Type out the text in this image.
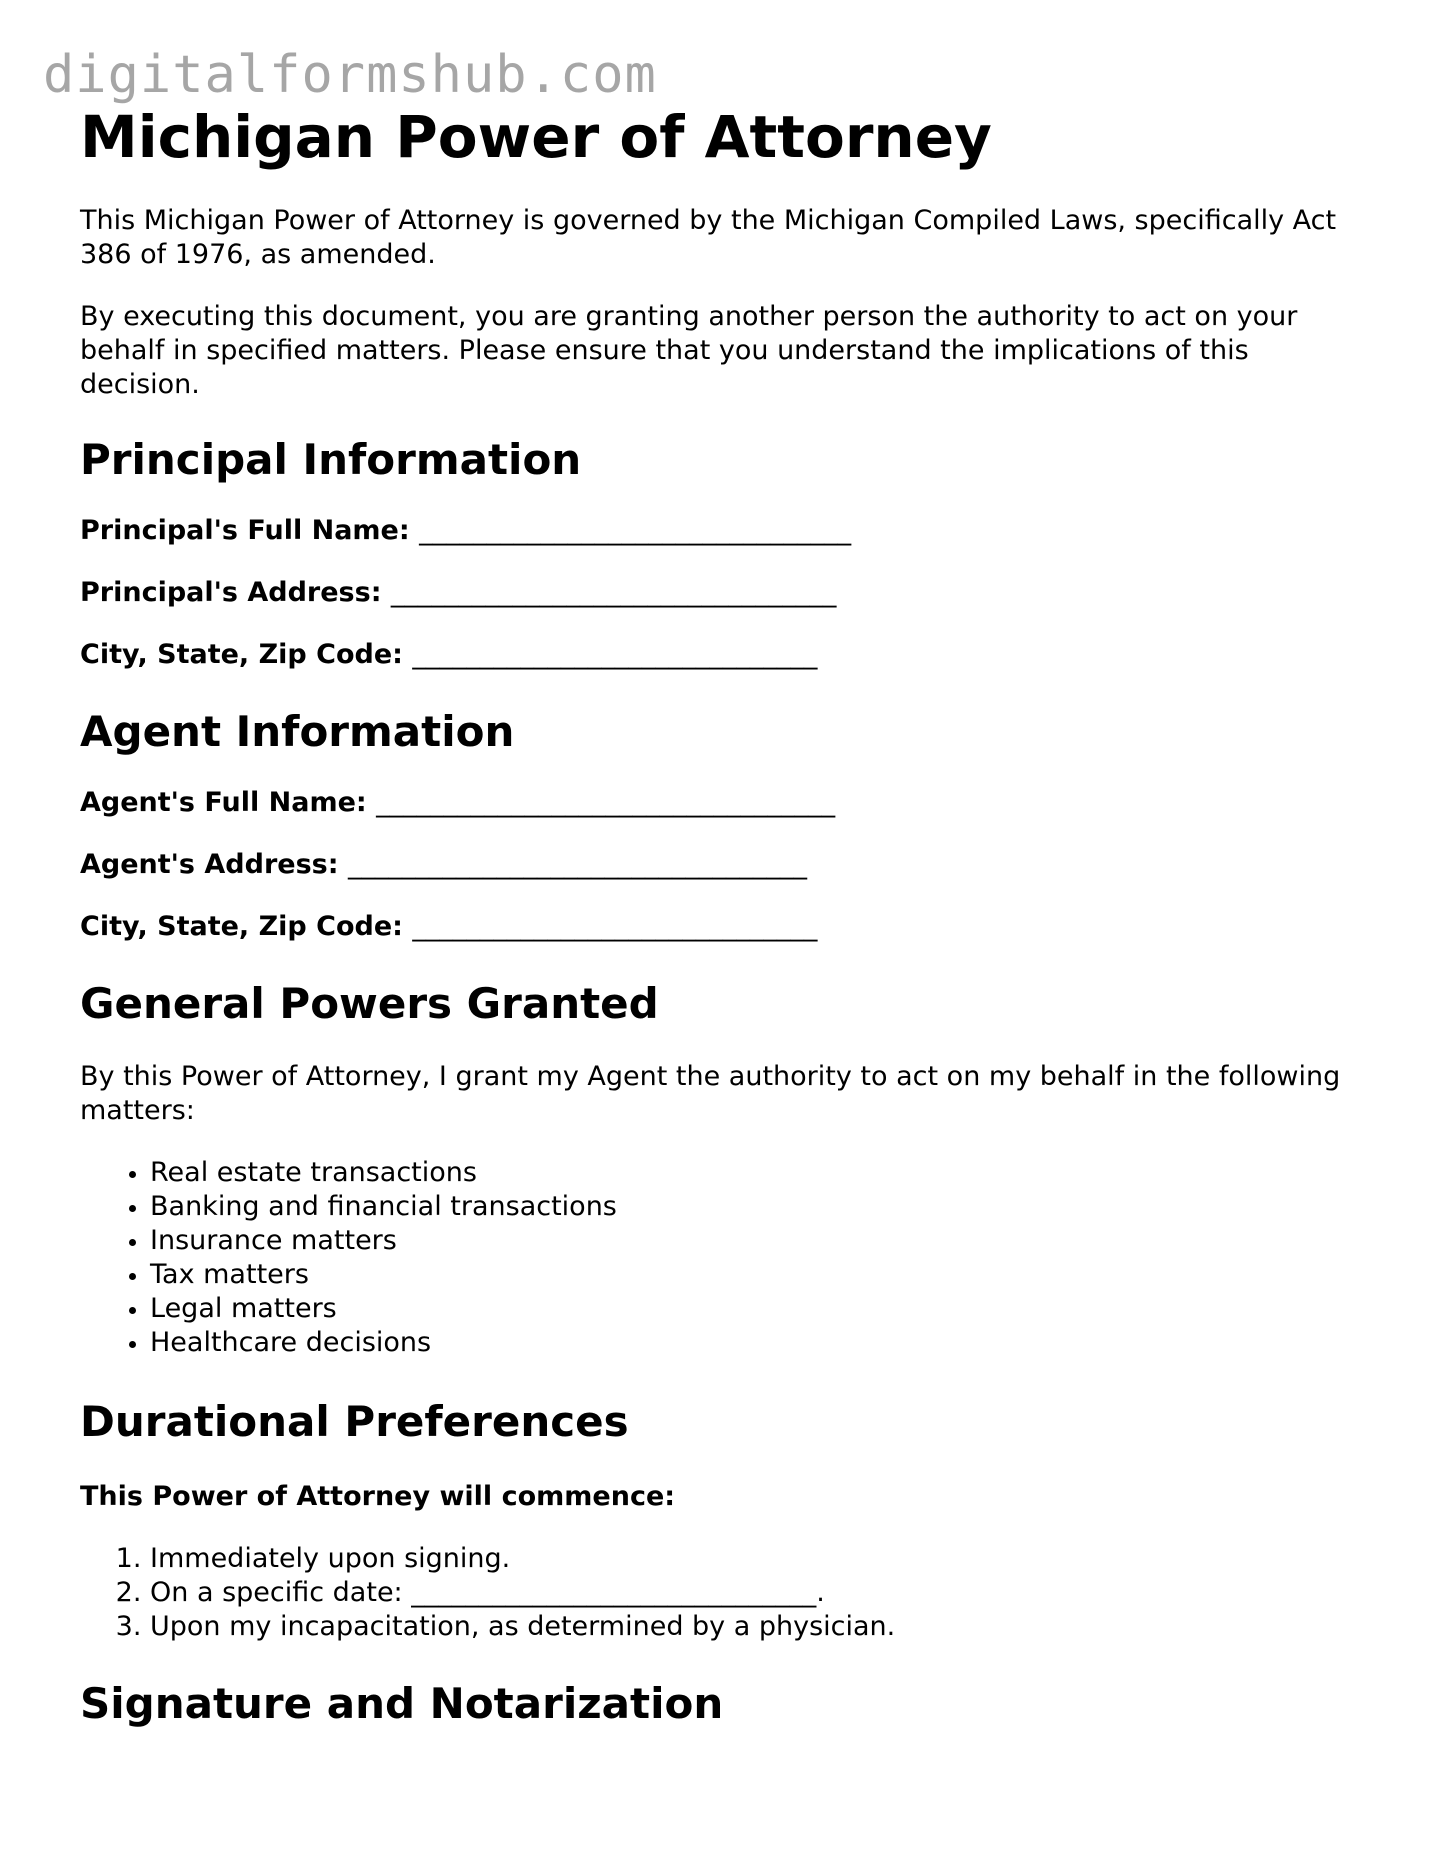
digitalformshub.com
Michigan Power of Attorney

This Michigan Power of Attorney is governed by the Michigan Compiled Laws, specifically Act 386 of 1976, as amended.

By executing this document, you are granting another person the authority to act on your behalf in specified matters. Please ensure that you understand the implications of this decision.

Principal Information

Principal's Full Name: ________________________________

Principal's Address: _________________________________

City, State, Zip Code: ______________________________

Agent Information

Agent's Full Name: __________________________________

Agent's Address: __________________________________

City, State, Zip Code: ______________________________

General Powers Granted

By this Power of Attorney, I grant my Agent the authority to act on my behalf in the following matters:

• Real estate transactions
• Banking and financial transactions
• Insurance matters
• Tax matters
• Legal matters
• Healthcare decisions
Durational Preferences

This Power of Attorney will commence:

1. Immediately upon signing.
2. On a specific date: ______________________________.
3. Upon my incapacitation, as determined by a physician.
Signature and Notarization
